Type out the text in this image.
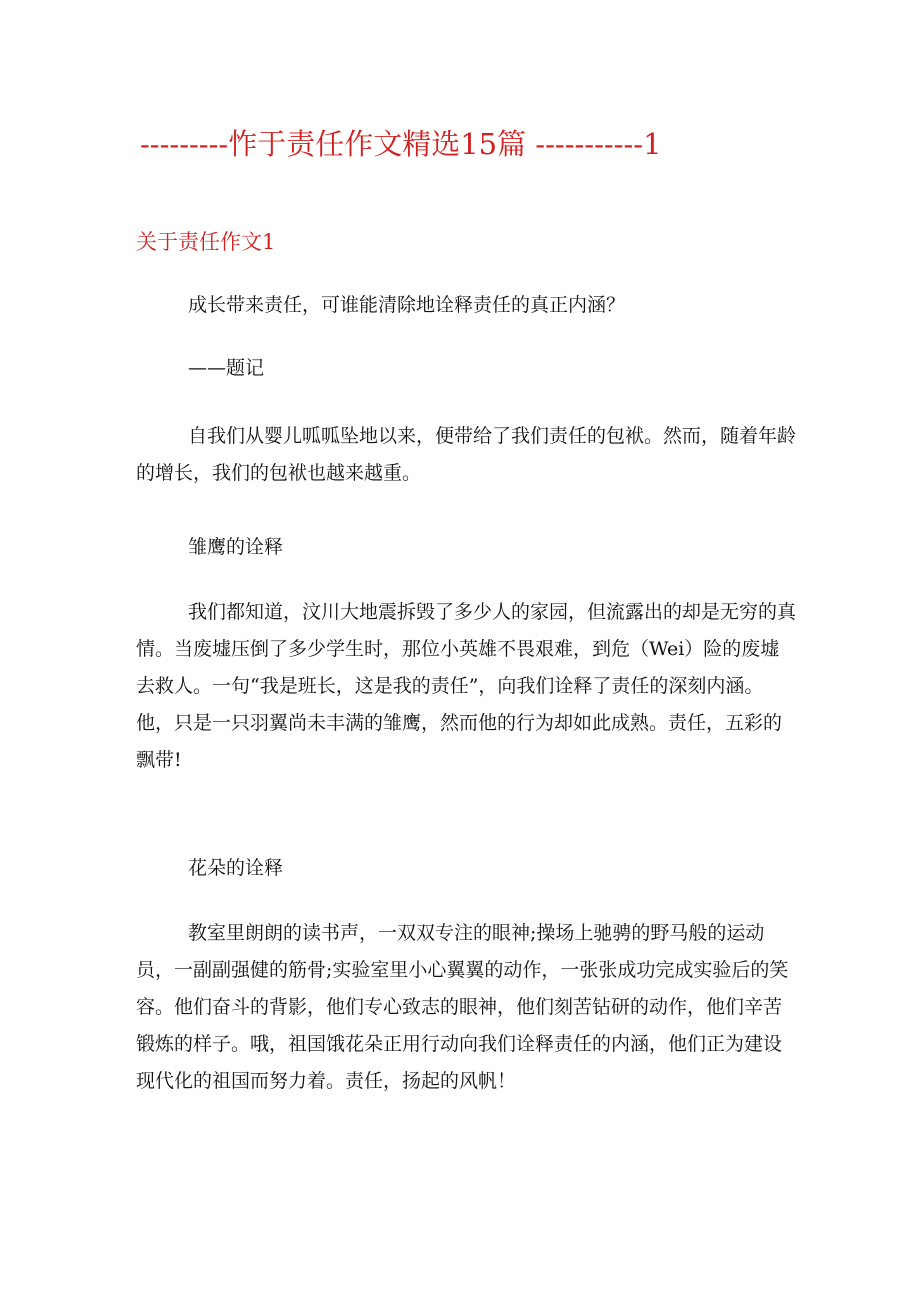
---------怍于责任作文精选15篇 -----------1
关于责任作文1
成长带来责任，可谁能清除地诠释责任的真正内涵？
——题记

自我们从婴儿呱呱坠地以来，便带给了我们责任的包袱。然而，随着年龄的增长，我们的包袱也越来越重。

雏鹰的诠释

我们都知道，汶川大地震拆毁了多少人的家园，但流露出的却是无穷的真情。当废墟压倒了多少学生时，那位小英雄不畏艰难，到危（Wei）险的废墟去救人。一句“我是班长，这是我的责任”，向我们诠释了责任的深刻内涵。他，只是一只羽翼尚未丰满的雏鹰，然而他的行为却如此成熟。责任，五彩的飘带!

花朵的诠释

教室里朗朗的读书声，一双双专注的眼神;操场上驰骋的野马般的运动员，一副副强健的筋骨;实验室里小心翼翼的动作，一张张成功完成实验后的笑容。他们奋斗的背影，他们专心致志的眼神，他们刻苦钻研的动作，他们辛苦锻炼的样子。哦，祖国饿花朵正用行动向我们诠释责任的内涵，他们正为建设现代化的祖国而努力着。责任，扬起的风帆！
